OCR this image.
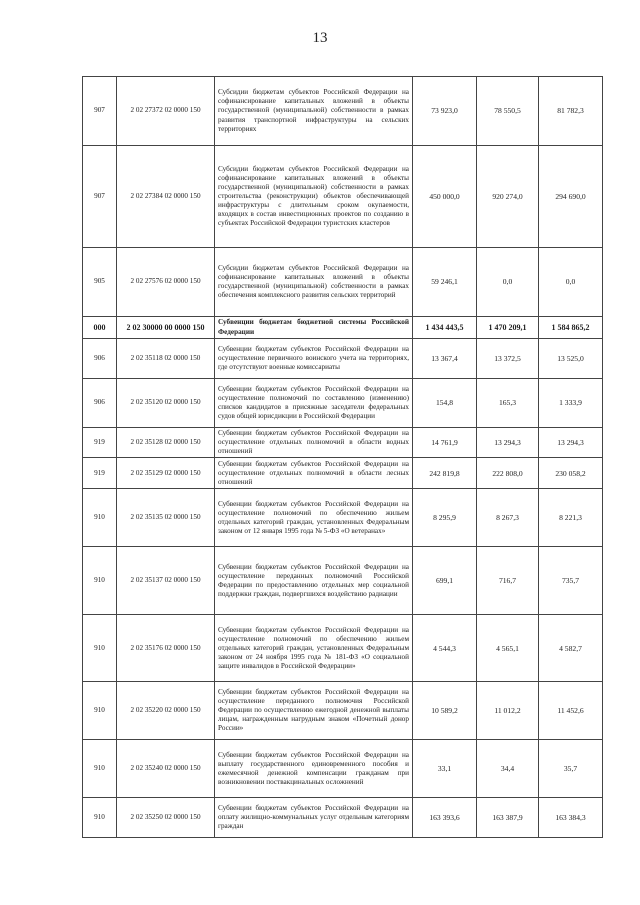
13
907	2 02 27372 02 0000 150	Субсидии бюджетам субъектов Российской Федерации на софинансирование капитальных вложений в объекты государственной (муниципальной) собственности в рамках развития транспортной инфраструктуры на сельских территориях	73 923,0	78 550,5	81 782,3
907	2 02 27384 02 0000 150	Субсидии бюджетам субъектов Российской Федерации на софинансирование капитальных вложений в объекты государственной (муниципальной) собственности в рамках строительства (реконструкции) объектов обеспечивающей инфраструктуры с длительным сроком окупаемости, входящих в состав инвестиционных проектов по созданию в субъектах Российской Федерации туристских кластеров	450 000,0	920 274,0	294 690,0
905	2 02 27576 02 0000 150	Субсидии бюджетам субъектов Российской Федерации на софинансирование капитальных вложений в объекты государственной (муниципальной) собственности в рамках обеспечения комплексного развития сельских территорий	59 246,1	0,0	0,0
000	2 02 30000 00 0000 150	Субвенции бюджетам бюджетной системы Российской Федерации	1 434 443,5	1 470 209,1	1 584 865,2
906	2 02 35118 02 0000 150	Субвенции бюджетам субъектов Российской Федерации на осуществление первичного воинского учета на территориях, где отсутствуют военные комиссариаты	13 367,4	13 372,5	13 525,0
906	2 02 35120 02 0000 150	Субвенции бюджетам субъектов Российской Федерации на осуществление полномочий по составлению (изменению) списков кандидатов в присяжные заседатели федеральных судов общей юрисдикции в Российской Федерации	154,8	165,3	1 333,9
919	2 02 35128 02 0000 150	Субвенции бюджетам субъектов Российской Федерации на осуществление отдельных полномочий в области водных отношений	14 761,9	13 294,3	13 294,3
919	2 02 35129 02 0000 150	Субвенции бюджетам субъектов Российской Федерации на осуществление отдельных полномочий в области лесных отношений	242 819,8	222 808,0	230 058,2
910	2 02 35135 02 0000 150	Субвенции бюджетам субъектов Российской Федерации на осуществление полномочий по обеспечению жильем отдельных категорий граждан, установленных Федеральным законом от 12 января 1995 года № 5-ФЗ «О ветеранах»	8 295,9	8 267,3	8 221,3
910	2 02 35137 02 0000 150	Субвенции бюджетам субъектов Российской Федерации на осуществление переданных полномочий Российской Федерации по предоставлению отдельных мер социальной поддержки граждан, подвергшихся воздействию радиации	699,1	716,7	735,7
910	2 02 35176 02 0000 150	Субвенции бюджетам субъектов Российской Федерации на осуществление полномочий по обеспечению жильем отдельных категорий граждан, установленных Федеральным законом от 24 ноября 1995 года № 181-ФЗ «О социальной защите инвалидов в Российской Федерации»	4 544,3	4 565,1	4 582,7
910	2 02 35220 02 0000 150	Субвенции бюджетам субъектов Российской Федерации на осуществление переданного полномочия Российской Федерации по осуществлению ежегодной денежной выплаты лицам, награжденным нагрудным знаком «Почетный донор России»	10 589,2	11 012,2	11 452,6
910	2 02 35240 02 0000 150	Субвенции бюджетам субъектов Российской Федерации на выплату государственного единовременного пособия и ежемесячной денежной компенсации гражданам при возникновении поствакцинальных осложнений	33,1	34,4	35,7
910	2 02 35250 02 0000 150	Субвенции бюджетам субъектов Российской Федерации на оплату жилищно-коммунальных услуг отдельным категориям граждан	163 393,6	163 387,9	163 384,3
